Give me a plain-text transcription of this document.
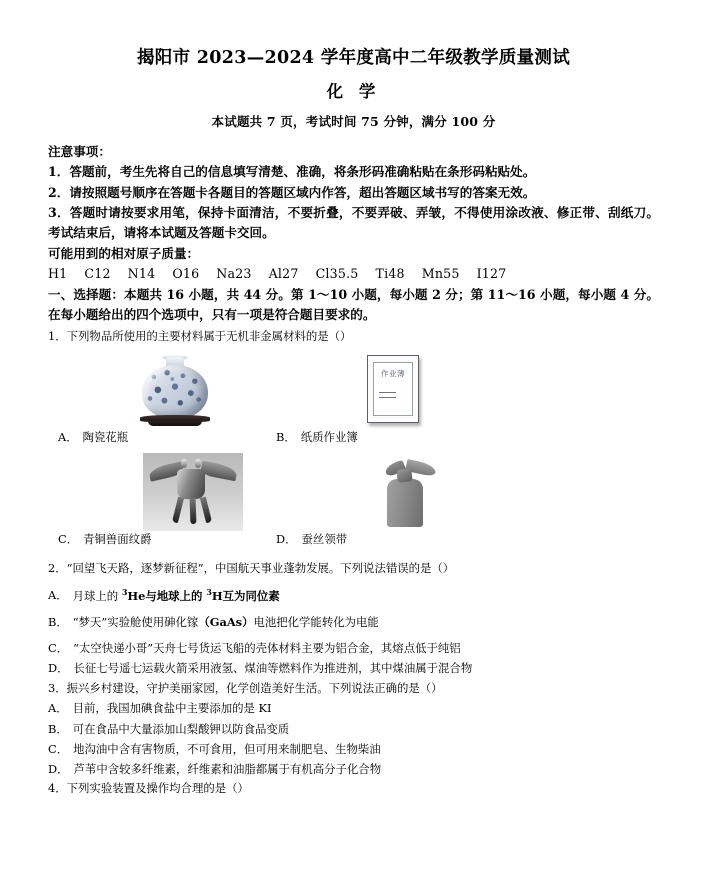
揭阳市 2023—2024 学年度高中二年级教学质量测试
化 学
本试题共 7 页，考试时间 75 分钟，满分 100 分
注意事项：
1．答题前，考生先将自己的信息填写清楚、准确，将条形码准确粘贴在条形码粘贴处。
2．请按照题号顺序在答题卡各题目的答题区域内作答，超出答题区域书写的答案无效。
3．答题时请按要求用笔，保持卡面清洁，不要折叠，不要弄破、弄皱，不得使用涂改液、修正带、刮纸刀。考试结束后，请将本试题及答题卡交回。
可能用到的相对原子质量：
H1 C12 N14 O16 Na23 Al27 Cl35.5 Ti48 Mn55 I127
一、选择题：本题共 16 小题，共 44 分。第 1～10 小题，每小题 2 分；第 11～16 小题，每小题 4 分。在每小题给出的四个选项中，只有一项是符合题目要求的。
1．下列物品所使用的主要材料属于无机非金属材料的是（）
作业薄
A． 陶瓷花瓶	B． 纸质作业簿
C． 青铜兽面纹爵	D． 蚕丝领带
2．“回望飞天路，逐梦新征程”，中国航天事业蓬勃发展。下列说法错误的是（）
A． 月球上的 $^3$He与地球上的 $^3$H互为同位素
B． “梦天”实验舱使用砷化镓（GaAs）电池把化学能转化为电能
C． “太空快递小哥”天舟七号货运飞船的壳体材料主要为铝合金，其熔点低于纯铝
D． 长征七号遥七运载火箭采用液氢、煤油等燃料作为推进剂，其中煤油属于混合物
3．振兴乡村建设，守护美丽家园，化学创造美好生活。下列说法正确的是（）
A． 目前，我国加碘食盐中主要添加的是 KI
B． 可在食品中大量添加山梨酸钾以防食品变质
C． 地沟油中含有害物质，不可食用，但可用来制肥皂、生物柴油
D． 芦苇中含较多纤维素，纤维素和油脂都属于有机高分子化合物
4．下列实验装置及操作均合理的是（）
